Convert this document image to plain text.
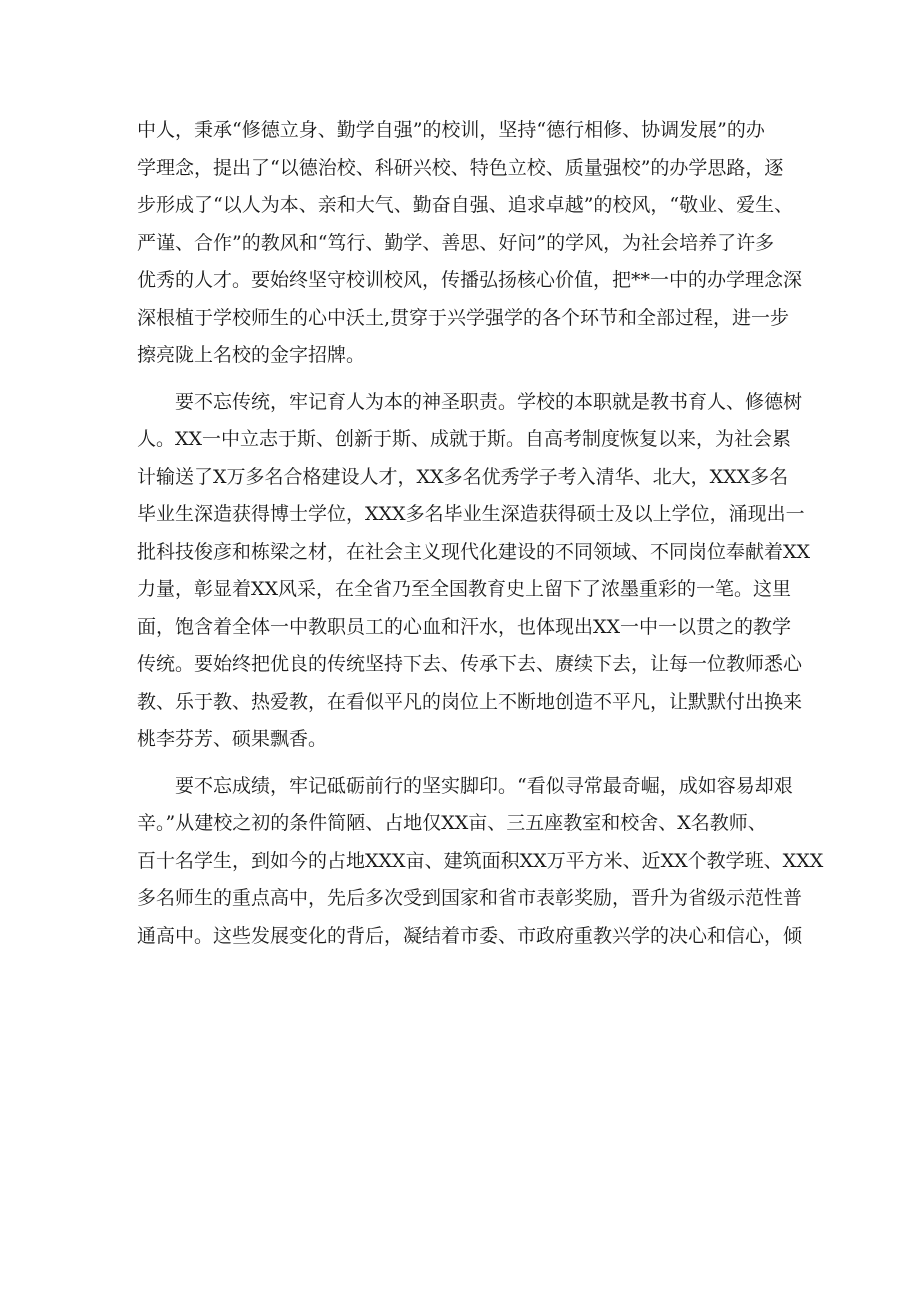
中人，秉承“修德立身、勤学自强”的校训，坚持“德行相修、协调发展”的办
学理念，提出了“以德治校、科研兴校、特色立校、质量强校”的办学思路，逐
步形成了“以人为本、亲和大气、勤奋自强、追求卓越”的校风，“敬业、爱生、
严谨、合作”的教风和“笃行、勤学、善思、好问”的学风，为社会培养了许多
优秀的人才。要始终坚守校训校风，传播弘扬核心价值，把**一中的办学理念深
深根植于学校师生的心中沃土,贯穿于兴学强学的各个环节和全部过程，进一步
擦亮陇上名校的金字招牌。
　　要不忘传统，牢记育人为本的神圣职责。学校的本职就是教书育人、修德树
人。XX一中立志于斯、创新于斯、成就于斯。自高考制度恢复以来，为社会累
计输送了X万多名合格建设人才，XX多名优秀学子考入清华、北大，XXX多名
毕业生深造获得博士学位，XXX多名毕业生深造获得硕士及以上学位，涌现出一
批科技俊彦和栋梁之材，在社会主义现代化建设的不同领域、不同岗位奉献着XX
力量，彰显着XX风采，在全省乃至全国教育史上留下了浓墨重彩的一笔。这里
面，饱含着全体一中教职员工的心血和汗水，也体现出XX一中一以贯之的教学
传统。要始终把优良的传统坚持下去、传承下去、赓续下去，让每一位教师悉心
教、乐于教、热爱教，在看似平凡的岗位上不断地创造不平凡，让默默付出换来
桃李芬芳、硕果飘香。
　　要不忘成绩，牢记砥砺前行的坚实脚印。“看似寻常最奇崛，成如容易却艰
辛。”从建校之初的条件简陋、占地仅XX亩、三五座教室和校舍、X名教师、
百十名学生，到如今的占地XXX亩、建筑面积XX万平方米、近XX个教学班、XXX
多名师生的重点高中，先后多次受到国家和省市表彰奖励，晋升为省级示范性普
通高中。这些发展变化的背后，凝结着市委、市政府重教兴学的决心和信心，倾
